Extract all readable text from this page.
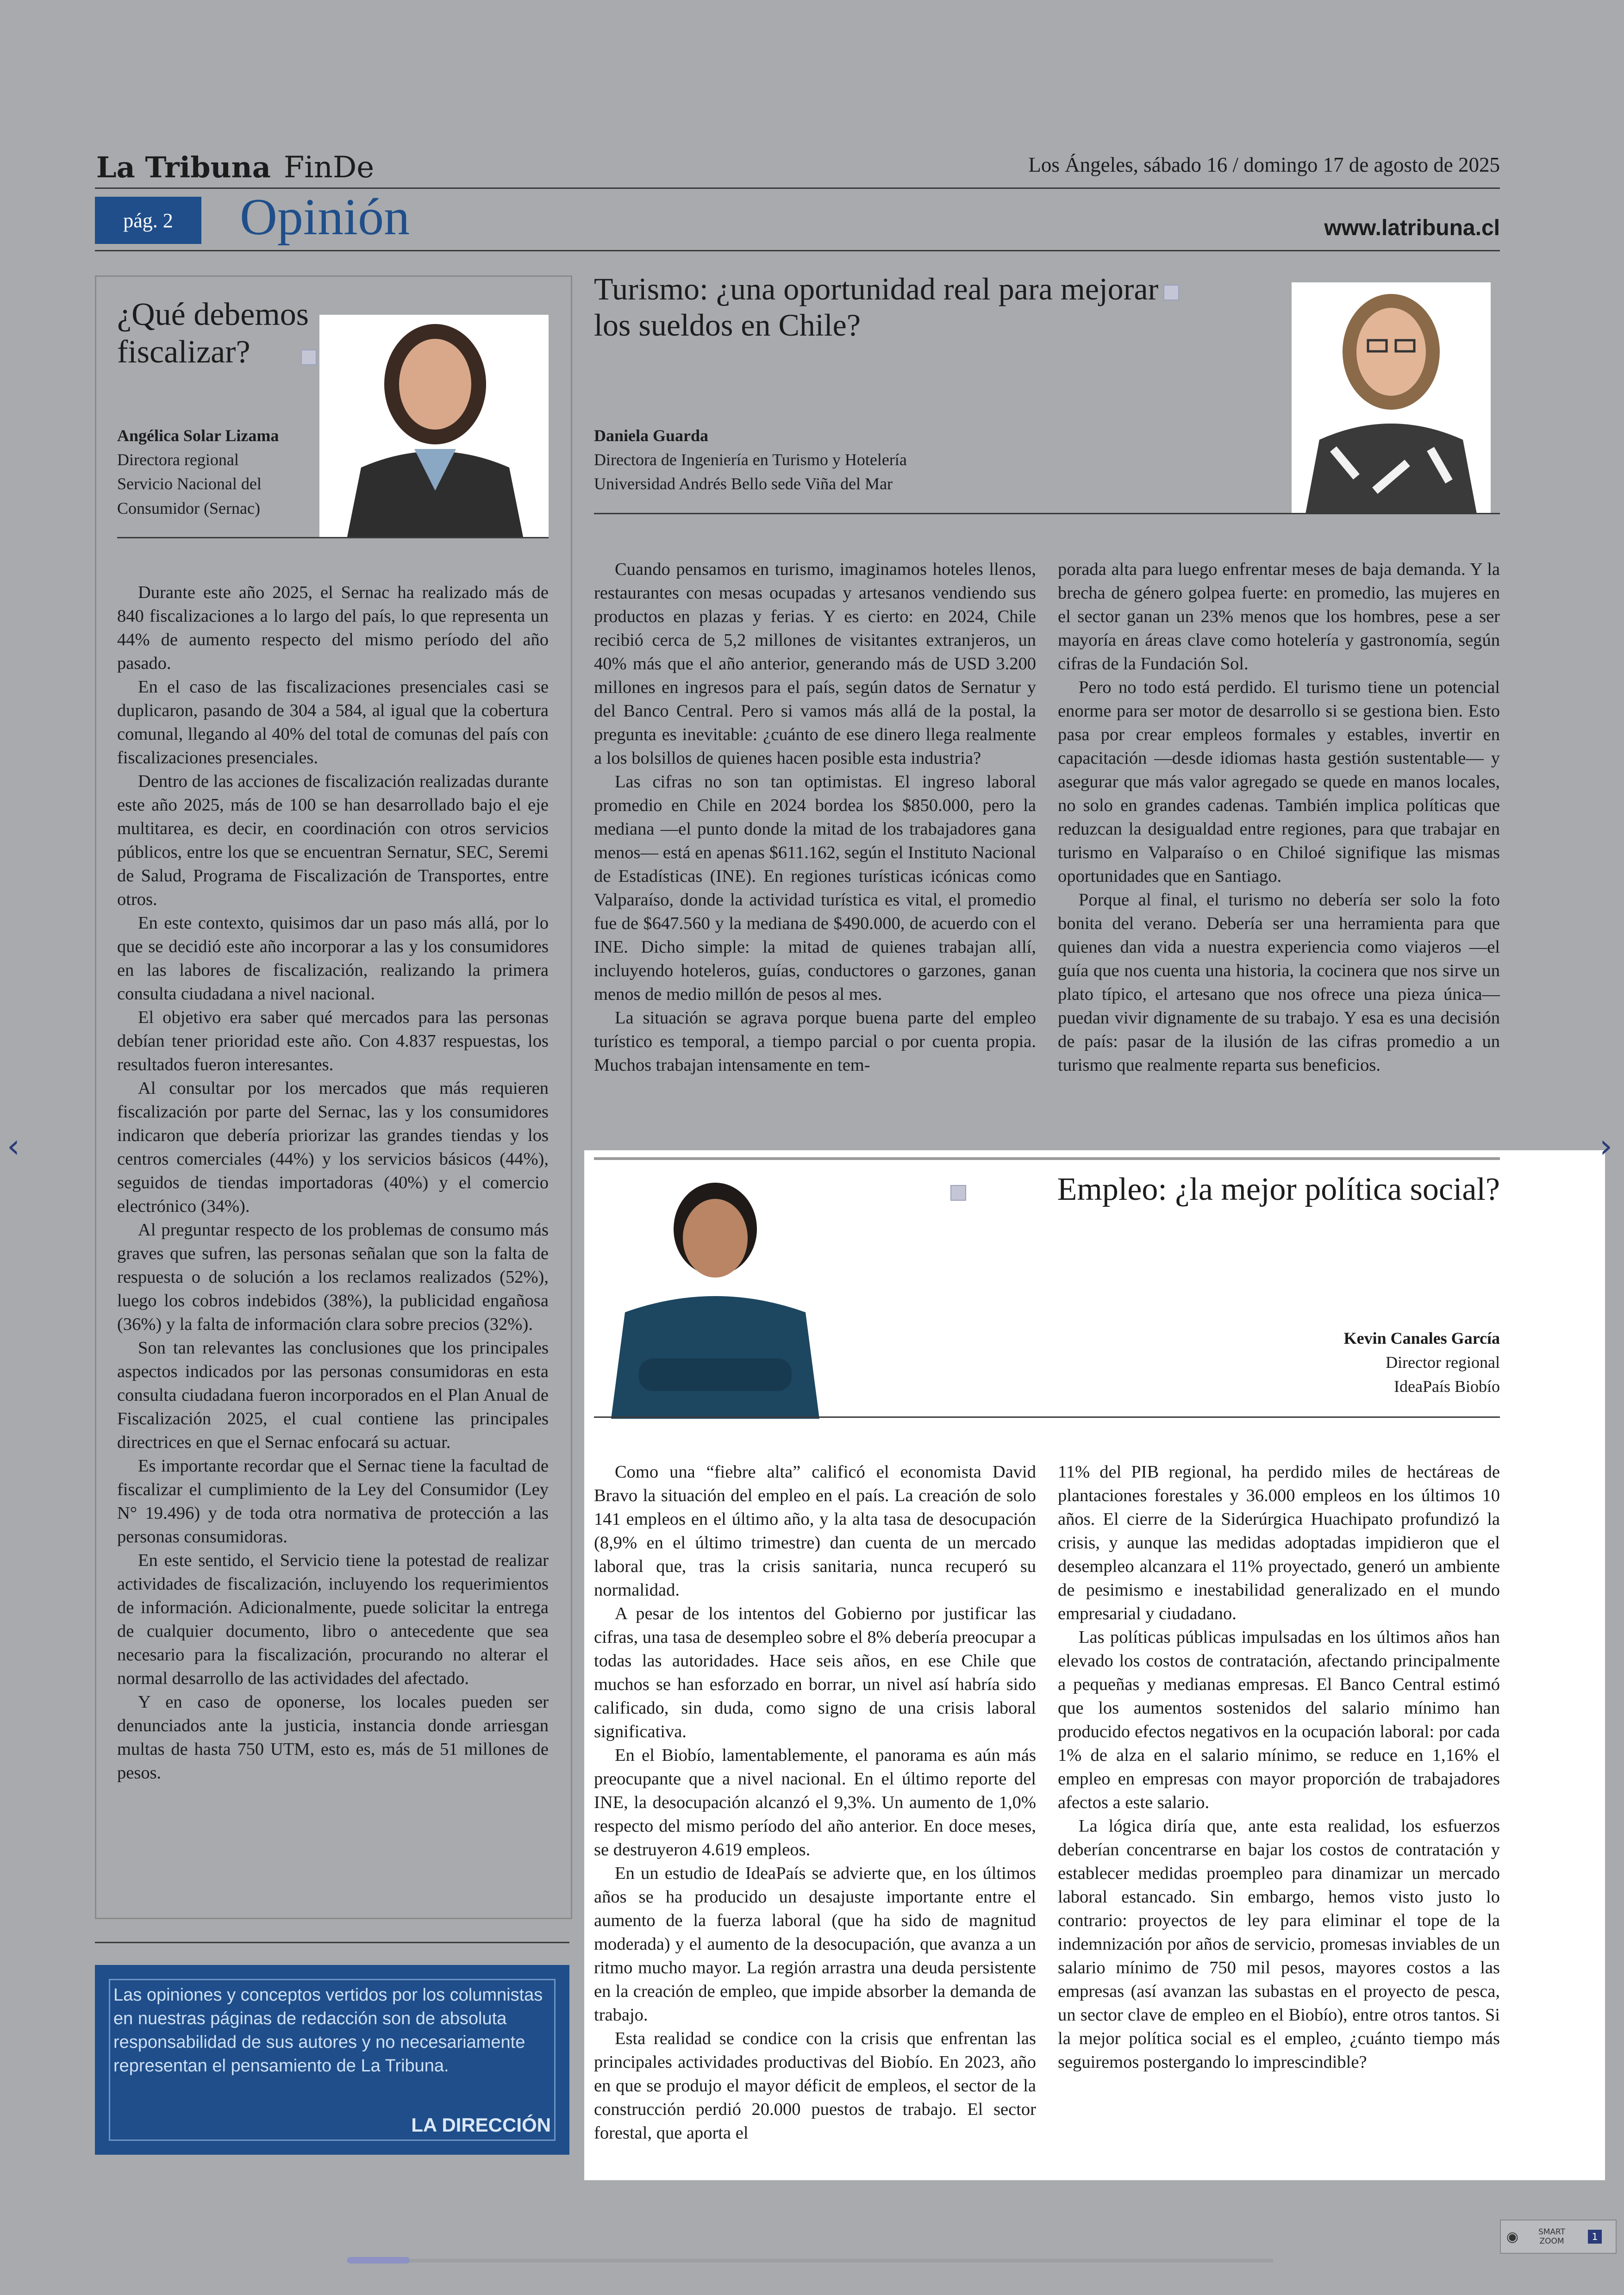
La Tribuna FinDe	Los Ángeles, sábado 16 / domingo 17 de agosto de 2025
pág. 2	Opinión	www.latribuna.cl
¿Qué debemos fiscalizar?
Angélica Solar Lizama
Directora regional
Servicio Nacional del
Consumidor (Sernac)

Durante este año 2025, el Sernac ha realizado más de 840 fiscalizaciones a lo largo del país, lo que representa un 44% de aumento respecto del mismo período del año pasado.

En el caso de las fiscalizaciones presenciales casi se duplicaron, pasando de 304 a 584, al igual que la cobertura comunal, llegando al 40% del total de comunas del país con fiscalizaciones presenciales.

Dentro de las acciones de fiscalización realizadas durante este año 2025, más de 100 se han desarrollado bajo el eje multitarea, es decir, en coordinación con otros servicios públicos, entre los que se encuentran Sernatur, SEC, Seremi de Salud, Programa de Fiscalización de Transportes, entre otros.

En este contexto, quisimos dar un paso más allá, por lo que se decidió este año incorporar a las y los consumidores en las labores de fiscalización, realizando la primera consulta ciudadana a nivel nacional.

El objetivo era saber qué mercados para las personas debían tener prioridad este año. Con 4.837 respuestas, los resultados fueron interesantes.

Al consultar por los mercados que más requieren fiscalización por parte del Sernac, las y los consumidores indicaron que debería priorizar las grandes tiendas y los centros comerciales (44%) y los servicios básicos (44%), seguidos de tiendas importadoras (40%) y el comercio electrónico (34%).

Al preguntar respecto de los problemas de consumo más graves que sufren, las personas señalan que son la falta de respuesta o de solución a los reclamos realizados (52%), luego los cobros indebidos (38%), la publicidad engañosa (36%) y la falta de información clara sobre precios (32%).

Son tan relevantes las conclusiones que los principales aspectos indicados por las personas consumidoras en esta consulta ciudadana fueron incorporados en el Plan Anual de Fiscalización 2025, el cual contiene las principales directrices en que el Sernac enfocará su actuar.

Es importante recordar que el Sernac tiene la facultad de fiscalizar el cumplimiento de la Ley del Consumidor (Ley N° 19.496) y de toda otra normativa de protección a las personas consumidoras.

En este sentido, el Servicio tiene la potestad de realizar actividades de fiscalización, incluyendo los requerimientos de información. Adicionalmente, puede solicitar la entrega de cualquier documento, libro o antecedente que sea necesario para la fiscalización, procurando no alterar el normal desarrollo de las actividades del afectado.

Y en caso de oponerse, los locales pueden ser denunciados ante la justicia, instancia donde arriesgan multas de hasta 750 UTM, esto es, más de 51 millones de pesos.

Las opiniones y conceptos vertidos por los columnistas en nuestras páginas de redacción son de absoluta responsabilidad de sus autores y no necesariamente representan el pensamiento de La Tribuna.
LA DIRECCIÓN
Turismo: ¿una oportunidad real para mejorar los sueldos en Chile?
Daniela Guarda
Directora de Ingeniería en Turismo y Hotelería
Universidad Andrés Bello sede Viña del Mar

Cuando pensamos en turismo, imaginamos hoteles llenos, restaurantes con mesas ocupadas y artesanos vendiendo sus productos en plazas y ferias. Y es cierto: en 2024, Chile recibió cerca de 5,2 millones de visitantes extranjeros, un 40% más que el año anterior, generando más de USD 3.200 millones en ingresos para el país, según datos de Sernatur y del Banco Central. Pero si vamos más allá de la postal, la pregunta es inevitable: ¿cuánto de ese dinero llega realmente a los bolsillos de quienes hacen posible esta industria?

Las cifras no son tan optimistas. El ingreso laboral promedio en Chile en 2024 bordea los $850.000, pero la mediana —el punto donde la mitad de los trabajadores gana menos— está en apenas $611.162, según el Instituto Nacional de Estadísticas (INE). En regiones turísticas icónicas como Valparaíso, donde la actividad turística es vital, el promedio fue de $647.560 y la mediana de $490.000, de acuerdo con el INE. Dicho simple: la mitad de quienes trabajan allí, incluyendo hoteleros, guías, conductores o garzones, ganan menos de medio millón de pesos al mes.

La situación se agrava porque buena parte del empleo turístico es temporal, a tiempo parcial o por cuenta propia. Muchos trabajan intensamente en tem-

porada alta para luego enfrentar meses de baja demanda. Y la brecha de género golpea fuerte: en promedio, las mujeres en el sector ganan un 23% menos que los hombres, pese a ser mayoría en áreas clave como hotelería y gastronomía, según cifras de la Fundación Sol.

Pero no todo está perdido. El turismo tiene un potencial enorme para ser motor de desarrollo si se gestiona bien. Esto pasa por crear empleos formales y estables, invertir en capacitación —desde idiomas hasta gestión sustentable— y asegurar que más valor agregado se quede en manos locales, no solo en grandes cadenas. También implica políticas que reduzcan la desigualdad entre regiones, para que trabajar en turismo en Valparaíso o en Chiloé signifique las mismas oportunidades que en Santiago.

Porque al final, el turismo no debería ser solo la foto bonita del verano. Debería ser una herramienta para que quienes dan vida a nuestra experiencia como viajeros —el guía que nos cuenta una historia, la cocinera que nos sirve un plato típico, el artesano que nos ofrece una pieza única— puedan vivir dignamente de su trabajo. Y esa es una decisión de país: pasar de la ilusión de las cifras promedio a un turismo que realmente reparta sus beneficios.

Empleo: ¿la mejor política social?
Kevin Canales García
Director regional
IdeaPaís Biobío

Como una “fiebre alta” calificó el economista David Bravo la situación del empleo en el país. La creación de solo 141 empleos en el último año, y la alta tasa de desocupación (8,9% en el último trimestre) dan cuenta de un mercado laboral que, tras la crisis sanitaria, nunca recuperó su normalidad.

A pesar de los intentos del Gobierno por justificar las cifras, una tasa de desempleo sobre el 8% debería preocupar a todas las autoridades. Hace seis años, en ese Chile que muchos se han esforzado en borrar, un nivel así habría sido calificado, sin duda, como signo de una crisis laboral significativa.

En el Biobío, lamentablemente, el panorama es aún más preocupante que a nivel nacional. En el último reporte del INE, la desocupación alcanzó el 9,3%. Un aumento de 1,0% respecto del mismo período del año anterior. En doce meses, se destruyeron 4.619 empleos.

En un estudio de IdeaPaís se advierte que, en los últimos años se ha producido un desajuste importante entre el aumento de la fuerza laboral (que ha sido de magnitud moderada) y el aumento de la desocupación, que avanza a un ritmo mucho mayor. La región arrastra una deuda persistente en la creación de empleo, que impide absorber la demanda de trabajo.

Esta realidad se condice con la crisis que enfrentan las principales actividades productivas del Biobío. En 2023, año en que se produjo el mayor déficit de empleos, el sector de la construcción perdió 20.000 puestos de trabajo. El sector forestal, que aporta el

11% del PIB regional, ha perdido miles de hectáreas de plantaciones forestales y 36.000 empleos en los últimos 10 años. El cierre de la Siderúrgica Huachipato profundizó la crisis, y aunque las medidas adoptadas impidieron que el desempleo alcanzara el 11% proyectado, generó un ambiente de pesimismo e inestabilidad generalizado en el mundo empresarial y ciudadano.

Las políticas públicas impulsadas en los últimos años han elevado los costos de contratación, afectando principalmente a pequeñas y medianas empresas. El Banco Central estimó que los aumentos sostenidos del salario mínimo han producido efectos negativos en la ocupación laboral: por cada 1% de alza en el salario mínimo, se reduce en 1,16% el empleo en empresas con mayor proporción de trabajadores afectos a este salario.

La lógica diría que, ante esta realidad, los esfuerzos deberían concentrarse en bajar los costos de contratación y establecer medidas proempleo para dinamizar un mercado laboral estancado. Sin embargo, hemos visto justo lo contrario: proyectos de ley para eliminar el tope de la indemnización por años de servicio, promesas inviables de un salario mínimo de 750 mil pesos, mayores costos a las empresas (así avanzan las subastas en el proyecto de pesca, un sector clave de empleo en el Biobío), entre otros tantos. Si la mejor política social es el empleo, ¿cuánto tiempo más seguiremos postergando lo imprescindible?

‹	›
◉	SMART
ZOOM	1
